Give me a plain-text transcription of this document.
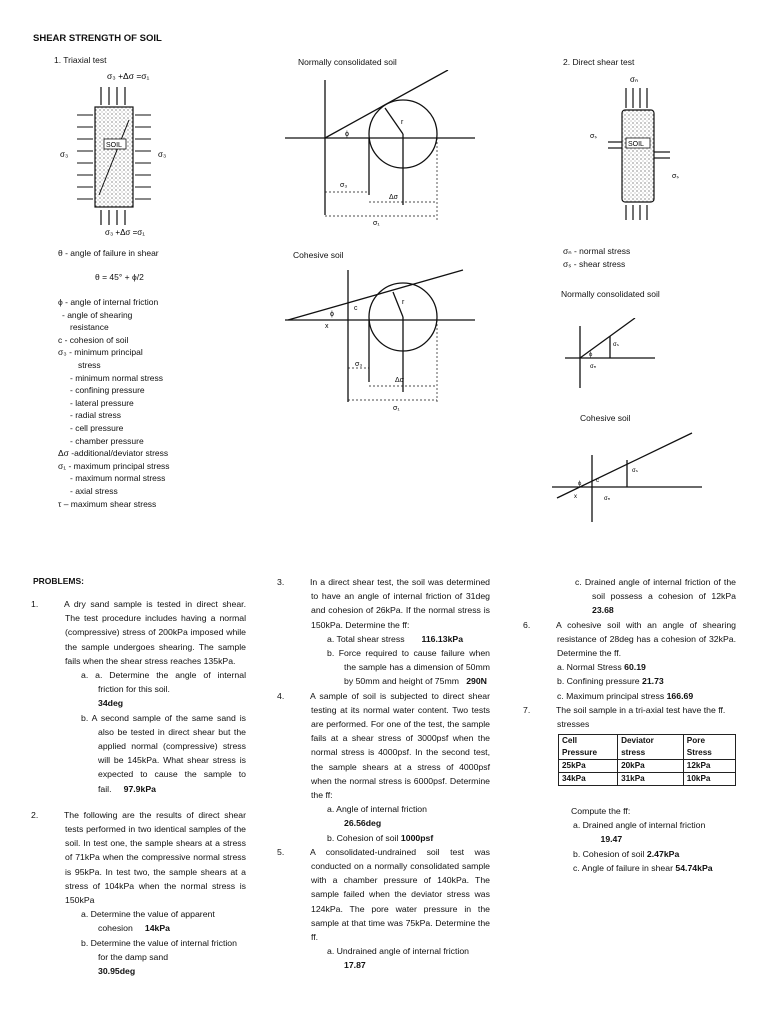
SHEAR STRENGTH OF SOIL
1. Triaxial test
σ₃ +Δσ =σ₁
SOIL
σ₃	σ₃
σ₃ +Δσ =σ₁
θ - angle of failure in shear
θ = 45° + ϕ/2
ϕ - angle of internal friction
- angle of shearing
resistance
c - cohesion of soil
σ₃ - minimum principal
stress
- minimum normal stress
- confining pressure
- lateral pressure
- radial stress
- cell pressure
- chamber pressure
Δσ -additional/deviator stress
σ₁ - maximum principal stress
- maximum normal stress
- axial stress
τ – maximum shear stress
Normally consolidated soil
ϕ
r
σ₃
Δσ
σ₁
Cohesive soil
ϕ
x
c
r
σ₃
Δσ
σ₁
2. Direct shear test
σₙ
SOIL
σₛ
σₛ
σₙ - normal stress
σₛ - shear stress
Normally consolidated soil
ϕ
σₛ
σₙ
Cohesive soil
ϕ c
x
σₛ
σₙ
PROBLEMS:

1.	A dry sand sample is tested in direct shear. The test procedure includes having a normal (compressive) stress of 200kPa imposed while the sample undergoes shearing. The sample fails when the shear stress reaches 135kPa.

a. a. Determine the angle of internal friction for this soil.
34deg

b. A second sample of the same sand is also be tested in direct shear but the applied normal (compressive) stress will be 145kPa. What shear stress is expected to cause the sample to fail. 97.9kPa

2.	The following are the results of direct shear tests performed in two identical samples of the soil. In test one, the sample shears at a stress of 71kPa when the compressive normal stress is 95kPa. In test two, the sample shears at a stress of 104kPa when the normal stress is 150kPa

a. Determine the value of apparent cohesion 14kPa

b. Determine the value of internal friction for the damp sand
30.95deg

3.	In a direct shear test, the soil was determined to have an angle of internal friction of 31deg and cohesion of 26kPa. If the normal stress is 150kPa. Determine the ff:

a. Total shear stress 116.13kPa

b. Force required to cause failure when the sample has a dimension of 50mm by 50mm and height of 75mm 290N

4.	A sample of soil is subjected to direct shear testing at its normal water content. Two tests are performed. For one of the test, the sample fails at a shear stress of 3000psf when the normal stress is 4000psf. In the second test, the sample shears at a stress of 4000psf when the normal stress is 6000psf. Determine the ff:

a. Angle of internal friction
26.56deg

b. Cohesion of soil 1000psf

5.	A consolidated-undrained soil test was conducted on a normally consolidated sample with a chamber pressure of 140kPa. The sample failed when the deviator stress was 124kPa. The pore water pressure in the sample at that time was 75kPa. Determine the ff.

a. Undrained angle of internal friction 17.87

c. Drained angle of internal friction of the soil possess a cohesion of 12kPa 23.68

6.	A cohesive soil with an angle of shearing resistance of 28deg has a cohesion of 32kPa. Determine the ff.

a. Normal Stress 60.19

b. Confining pressure 21.73

c. Maximum principal stress 166.69

7.	The soil sample in a tri-axial test have the ff. stresses

Cell Pressure	Deviator stress	Pore Stress
25kPa	20kPa	12kPa
34kPa	31kPa	10kPa

Compute the ff:

a. Drained angle of internal friction
19.47

b. Cohesion of soil 2.47kPa

c. Angle of failure in shear 54.74kPa
